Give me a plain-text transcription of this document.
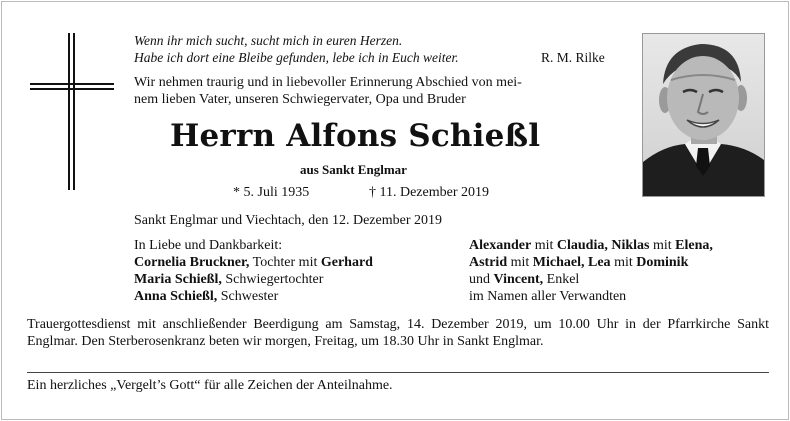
Wenn ihr mich sucht, sucht mich in euren Herzen.
Habe ich dort eine Bleibe gefunden, lebe ich in Euch weiter.	R. M. Rilke
Wir nehmen traurig und in liebevoller Erinnerung Abschied von mei-
nem lieben Vater, unseren Schwiegervater, Opa und Bruder
Herrn Alfons Schießl
aus Sankt Englmar
* 5. Juli 1935	† 11. Dezember 2019
Sankt Englmar und Viechtach, den 12. Dezember 2019
In Liebe und Dankbarkeit:
Cornelia Bruckner, Tochter mit Gerhard
Maria Schießl, Schwiegertochter
Anna Schießl, Schwester
Alexander mit Claudia, Niklas mit Elena,
Astrid mit Michael, Lea mit Dominik
und Vincent, Enkel
im Namen aller Verwandten
Trauergottesdienst mit anschließender Beerdigung am Samstag, 14. Dezember 2019, um 10.00 Uhr in der Pfarrkirche Sankt Englmar. Den Sterberosenkranz beten wir morgen, Freitag, um 18.30 Uhr in Sankt Englmar.
Ein herzliches „Vergelt’s Gott“ für alle Zeichen der Anteilnahme.
